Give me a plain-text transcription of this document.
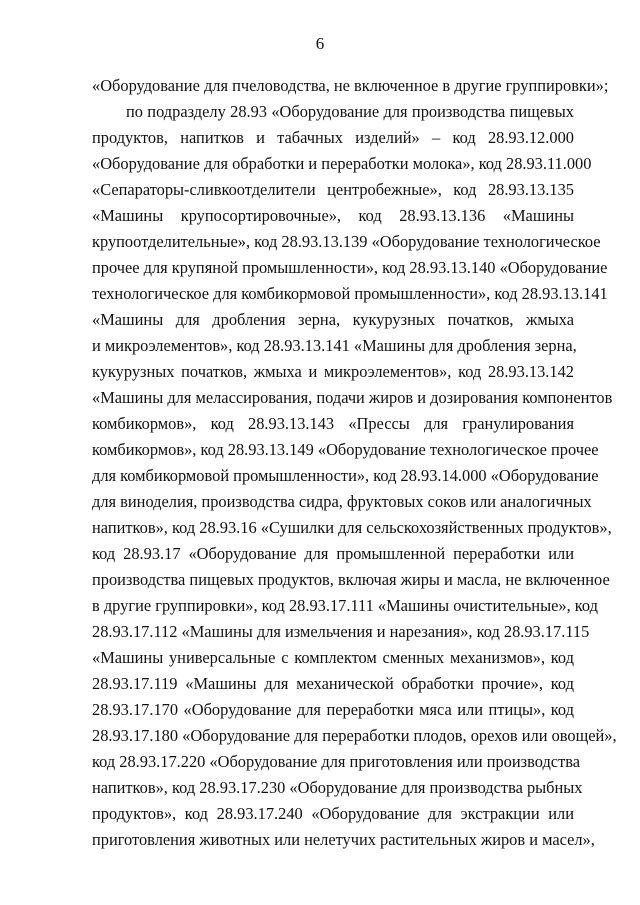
6
«Оборудование для пчеловодства, не включенное в другие группировки»;
по подразделу 28.93 «Оборудование для производства пищевых
продуктов, напитков и табачных изделий» – код 28.93.12.000
«Оборудование для обработки и переработки молока», код 28.93.11.000
«Сепараторы-сливкоотделители центробежные», код 28.93.13.135
«Машины крупосортировочные», код 28.93.13.136 «Машины
крупоотделительные», код 28.93.13.139 «Оборудование технологическое
прочее для крупяной промышленности», код 28.93.13.140 «Оборудование
технологическое для комбикормовой промышленности», код 28.93.13.141
«Машины для дробления зерна, кукурузных початков, жмыха
и микроэлементов», код 28.93.13.141 «Машины для дробления зерна,
кукурузных початков, жмыха и микроэлементов», код 28.93.13.142
«Машины для мелассирования, подачи жиров и дозирования компонентов
комбикормов», код 28.93.13.143 «Прессы для гранулирования
комбикормов», код 28.93.13.149 «Оборудование технологическое прочее
для комбикормовой промышленности», код 28.93.14.000 «Оборудование
для виноделия, производства сидра, фруктовых соков или аналогичных
напитков», код 28.93.16 «Сушилки для сельскохозяйственных продуктов»,
код 28.93.17 «Оборудование для промышленной переработки или
производства пищевых продуктов, включая жиры и масла, не включенное
в другие группировки», код 28.93.17.111 «Машины очистительные», код
28.93.17.112 «Машины для измельчения и нарезания», код 28.93.17.115
«Машины универсальные с комплектом сменных механизмов», код
28.93.17.119 «Машины для механической обработки прочие», код
28.93.17.170 «Оборудование для переработки мяса или птицы», код
28.93.17.180 «Оборудование для переработки плодов, орехов или овощей»,
код 28.93.17.220 «Оборудование для приготовления или производства
напитков», код 28.93.17.230 «Оборудование для производства рыбных
продуктов», код 28.93.17.240 «Оборудование для экстракции или
приготовления животных или нелетучих растительных жиров и масел»,
